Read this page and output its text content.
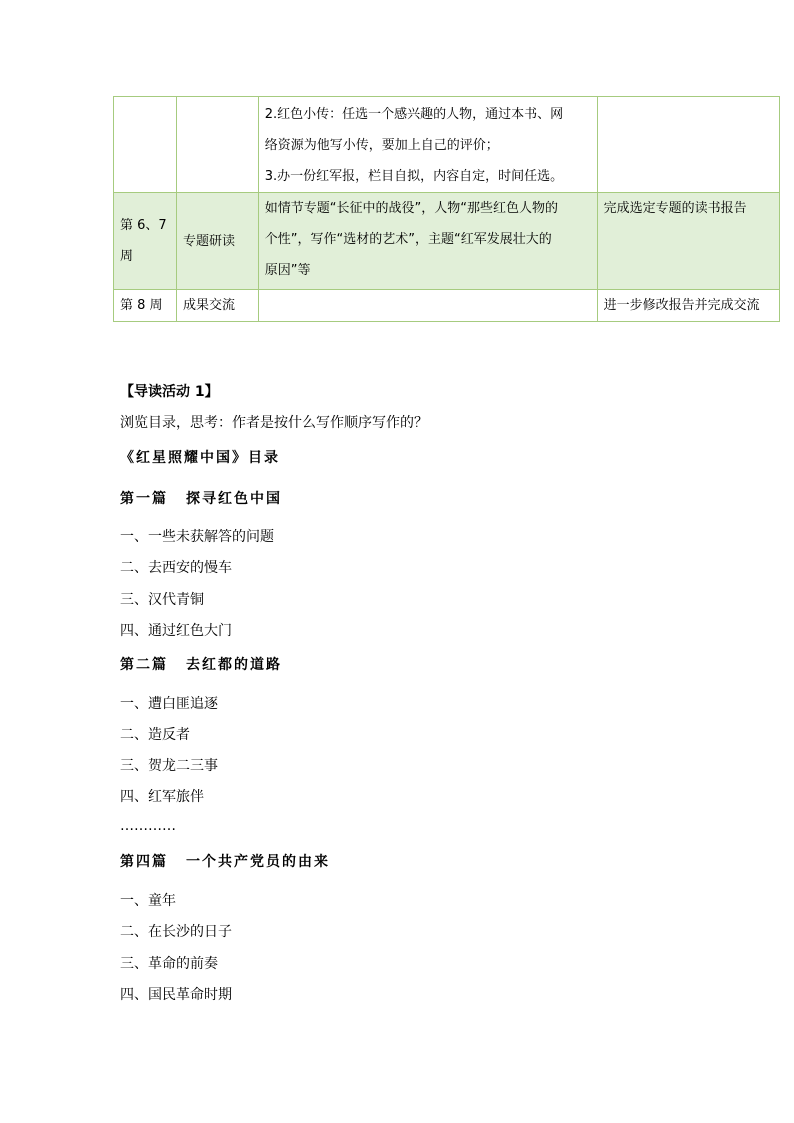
		2.红色小传：任选一个感兴趣的人物，通过本书、网
络资源为他写小传，要加上自己的评价；
3.办一份红军报，栏目自拟，内容自定，时间任选。	

第 6、7
周	专题研读	如情节专题“长征中的战役”，人物“那些红色人物的
个性”，写作“选材的艺术”，主题“红军发展壮大的
原因”等	完成选定专题的读书报告
第 8 周	成果交流		进一步修改报告并完成交流
【导读活动 1】
浏览目录，思考：作者是按什么写作顺序写作的？
《红星照耀中国》目录
第一篇 探寻红色中国
一、一些未获解答的问题
二、去西安的慢车
三、汉代青铜
四、通过红色大门
第二篇 去红都的道路
一、遭白匪追逐
二、造反者
三、贺龙二三事
四、红军旅伴
…………
第四篇 一个共产党员的由来
一、童年
二、在长沙的日子
三、革命的前奏
四、国民革命时期
